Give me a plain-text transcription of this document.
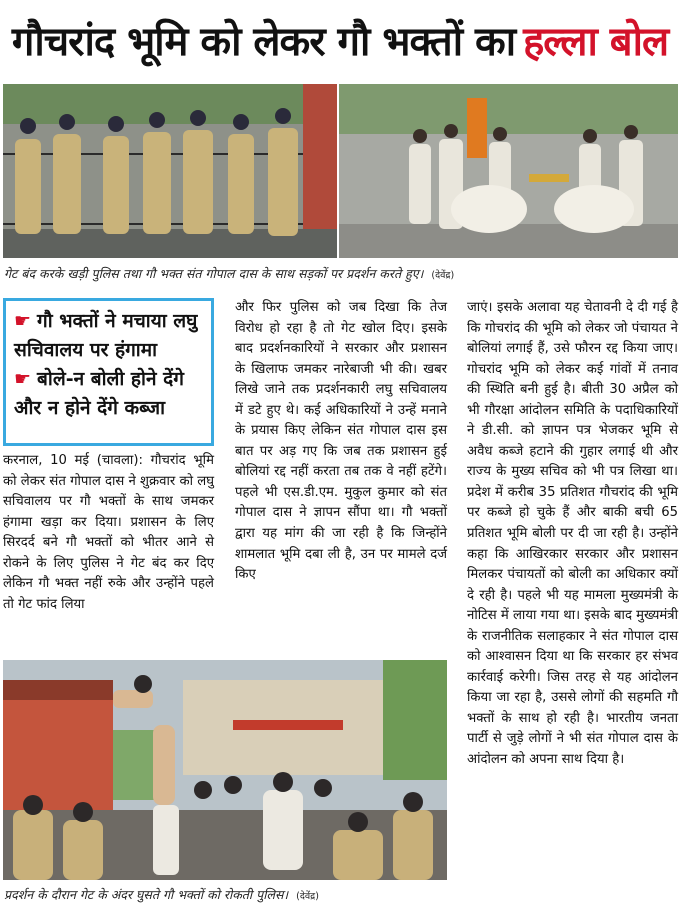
गौचरांद भूमि को लेकर गौ भक्तों का हल्ला बोल
गेट बंद करके खड़ी पुलिस तथा गौ भक्त संत गोपाल दास के साथ सड़कों पर प्रदर्शन करते हुए। (देवेंद्र)
☛ गौ भक्तों ने मचाया लघु
सचिवालय पर हंगामा
☛ बोले-न बोली होने देंगे
और न होने देंगे कब्जा

करनाल, 10 मई (चावला): गौचरांद भूमि को लेकर संत गोपाल दास ने शुक्रवार को लघु सचिवालय पर गौ भक्तों के साथ जमकर हंगामा खड़ा कर दिया। प्रशासन के लिए सिरदर्द बने गौ भक्तों को भीतर आने से रोकने के लिए पुलिस ने गेट बंद कर दिए लेकिन गौ भक्त नहीं रुके और उन्होंने पहले तो गेट फांद लिया

और फिर पुलिस को जब दिखा कि तेज विरोध हो रहा है तो गेट खोल दिए। इसके बाद प्रदर्शनकारियों ने सरकार और प्रशासन के खिलाफ जमकर नारेबाजी भी की। खबर लिखे जाने तक प्रदर्शनकारी लघु सचिवालय में डटे हुए थे। कई अधिकारियों ने उन्हें मनाने के प्रयास किए लेकिन संत गोपाल दास इस बात पर अड़ गए कि जब तक प्रशासन हुई बोलियां रद्द नहीं करता तब तक वे नहीं हटेंगे। पहले भी एस.डी.एम. मुकुल कुमार को संत गोपाल दास ने ज्ञापन सौंपा था। गौ भक्तों द्वारा यह मांग की जा रही है कि जिन्होंने शामलात भूमि दबा ली है, उन पर मामले दर्ज किए

जाएं। इसके अलावा यह चेतावनी दे दी गई है कि गोचरांद की भूमि को लेकर जो पंचायत ने बोलियां लगाई हैं, उसे फौरन रद्द किया जाए। गोचरांद भूमि को लेकर कई गांवों में तनाव की स्थिति बनी हुई है। बीती 30 अप्रैल को भी गौरक्षा आंदोलन समिति के पदाधिकारियों ने डी.सी. को ज्ञापन पत्र भेजकर भूमि से अवैध कब्जे हटाने की गुहार लगाई थी और राज्य के मुख्य सचिव को भी पत्र लिखा था। प्रदेश में करीब 35 प्रतिशत गौचरांद की भूमि पर कब्जे हो चुके हैं और बाकी बची 65 प्रतिशत भूमि बोली पर दी जा रही है। उन्होंने कहा कि आखिरकार सरकार और प्रशासन मिलकर पंचायतों को बोली का अधिकार क्यों दे रही है। पहले भी यह मामला मुख्यमंत्री के नोटिस में लाया गया था। इसके बाद मुख्यमंत्री के राजनीतिक सलाहकार ने संत गोपाल दास को आश्वासन दिया था कि सरकार हर संभव कार्रवाई करेगी। जिस तरह से यह आंदोलन किया जा रहा है, उससे लोगों की सहमति गौ भक्तों के साथ हो रही है। भारतीय जनता पार्टी से जुड़े लोगों ने भी संत गोपाल दास के आंदोलन को अपना साथ दिया है।

प्रदर्शन के दौरान गेट के अंदर घुसते गौ भक्तों को रोकती पुलिस। (देवेंद्र)
